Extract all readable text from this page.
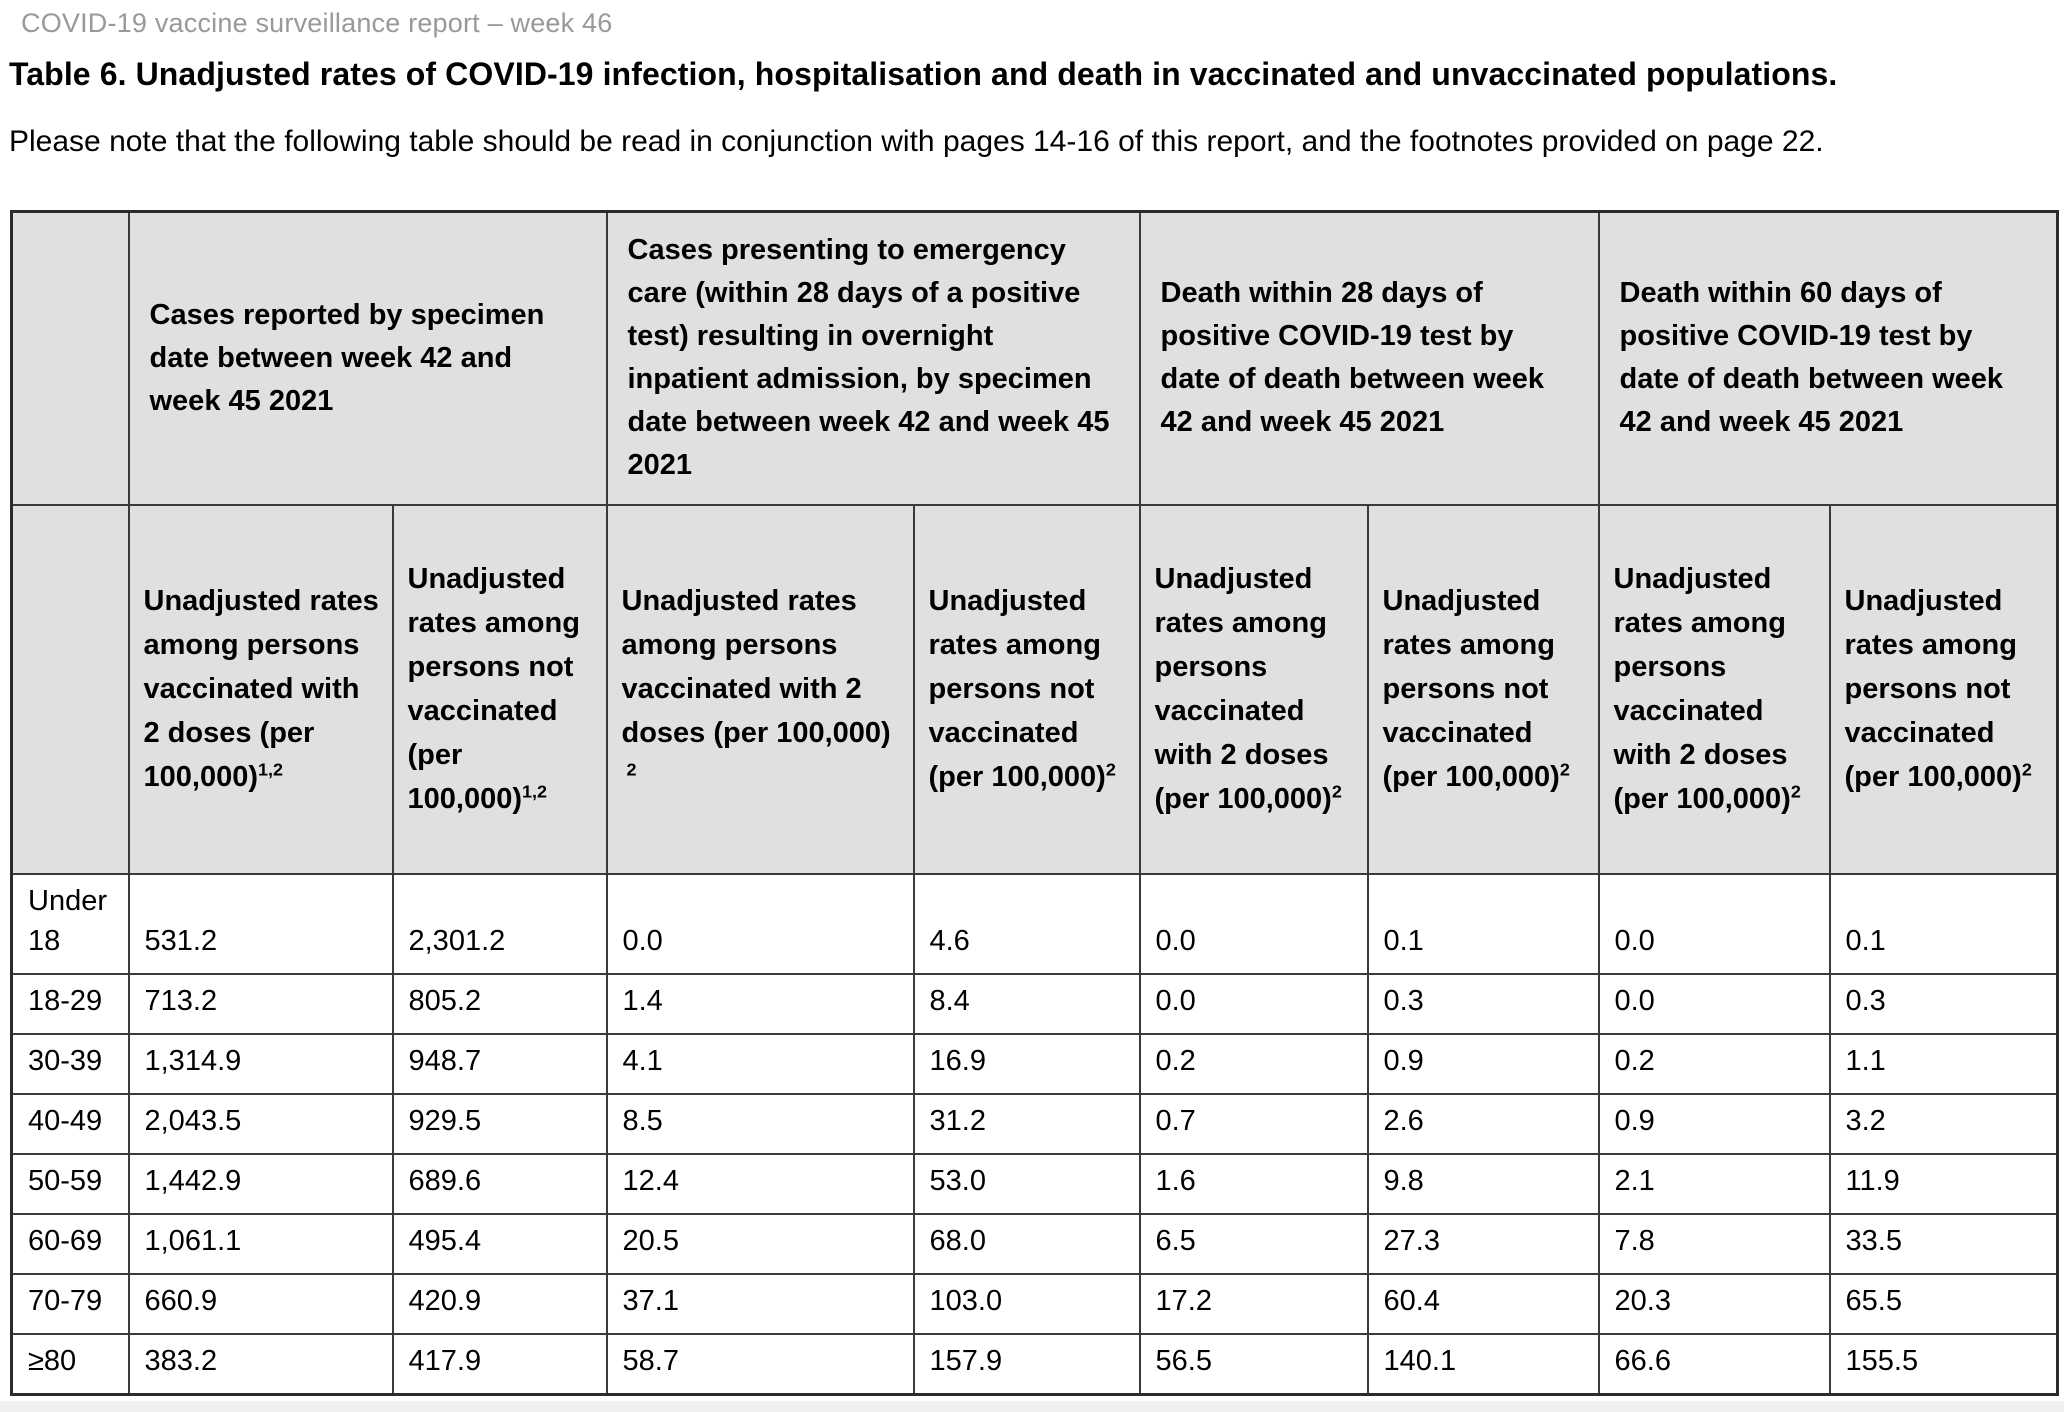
COVID-19 vaccine surveillance report – week 46
Table 6. Unadjusted rates of COVID-19 infection, hospitalisation and death in vaccinated and unvaccinated populations.
Please note that the following table should be read in conjunction with pages 14-16 of this report, and the footnotes provided on page 22.
	Cases reported by specimen date between week 42 and week 45 2021		Cases presenting to emergency care (within 28 days of a positive test) resulting in overnight inpatient admission, by specimen date between week 42 and week 45 2021		Death within 28 days of positive COVID-19 test by date of death between week 42 and week 45 2021		Death within 60 days of positive COVID-19 test by date of death between week 42 and week 45 2021	
	Unadjusted rates among persons vaccinated with 2 doses (per 100,000)$^{1,2}$	Unadjusted rates among persons not vaccinated (per 100,000)$^{1,2}$	Unadjusted rates among persons vaccinated with 2 doses (per 100,000) $^2$	Unadjusted rates among persons not vaccinated (per 100,000)$^2$	Unadjusted rates among persons vaccinated with 2 doses (per 100,000)$^2$	Unadjusted rates among persons not vaccinated (per 100,000)$^2$	Unadjusted rates among persons vaccinated with 2 doses (per 100,000)$^2$	Unadjusted rates among persons not vaccinated (per 100,000)$^2$
Under 18	531.2	2,301.2	0.0	4.6	0.0	0.1	0.0	0.1
18-29	713.2	805.2	1.4	8.4	0.0	0.3	0.0	0.3
30-39	1,314.9	948.7	4.1	16.9	0.2	0.9	0.2	1.1
40-49	2,043.5	929.5	8.5	31.2	0.7	2.6	0.9	3.2
50-59	1,442.9	689.6	12.4	53.0	1.6	9.8	2.1	11.9
60-69	1,061.1	495.4	20.5	68.0	6.5	27.3	7.8	33.5
70-79	660.9	420.9	37.1	103.0	17.2	60.4	20.3	65.5
≥80	383.2	417.9	58.7	157.9	56.5	140.1	66.6	155.5
